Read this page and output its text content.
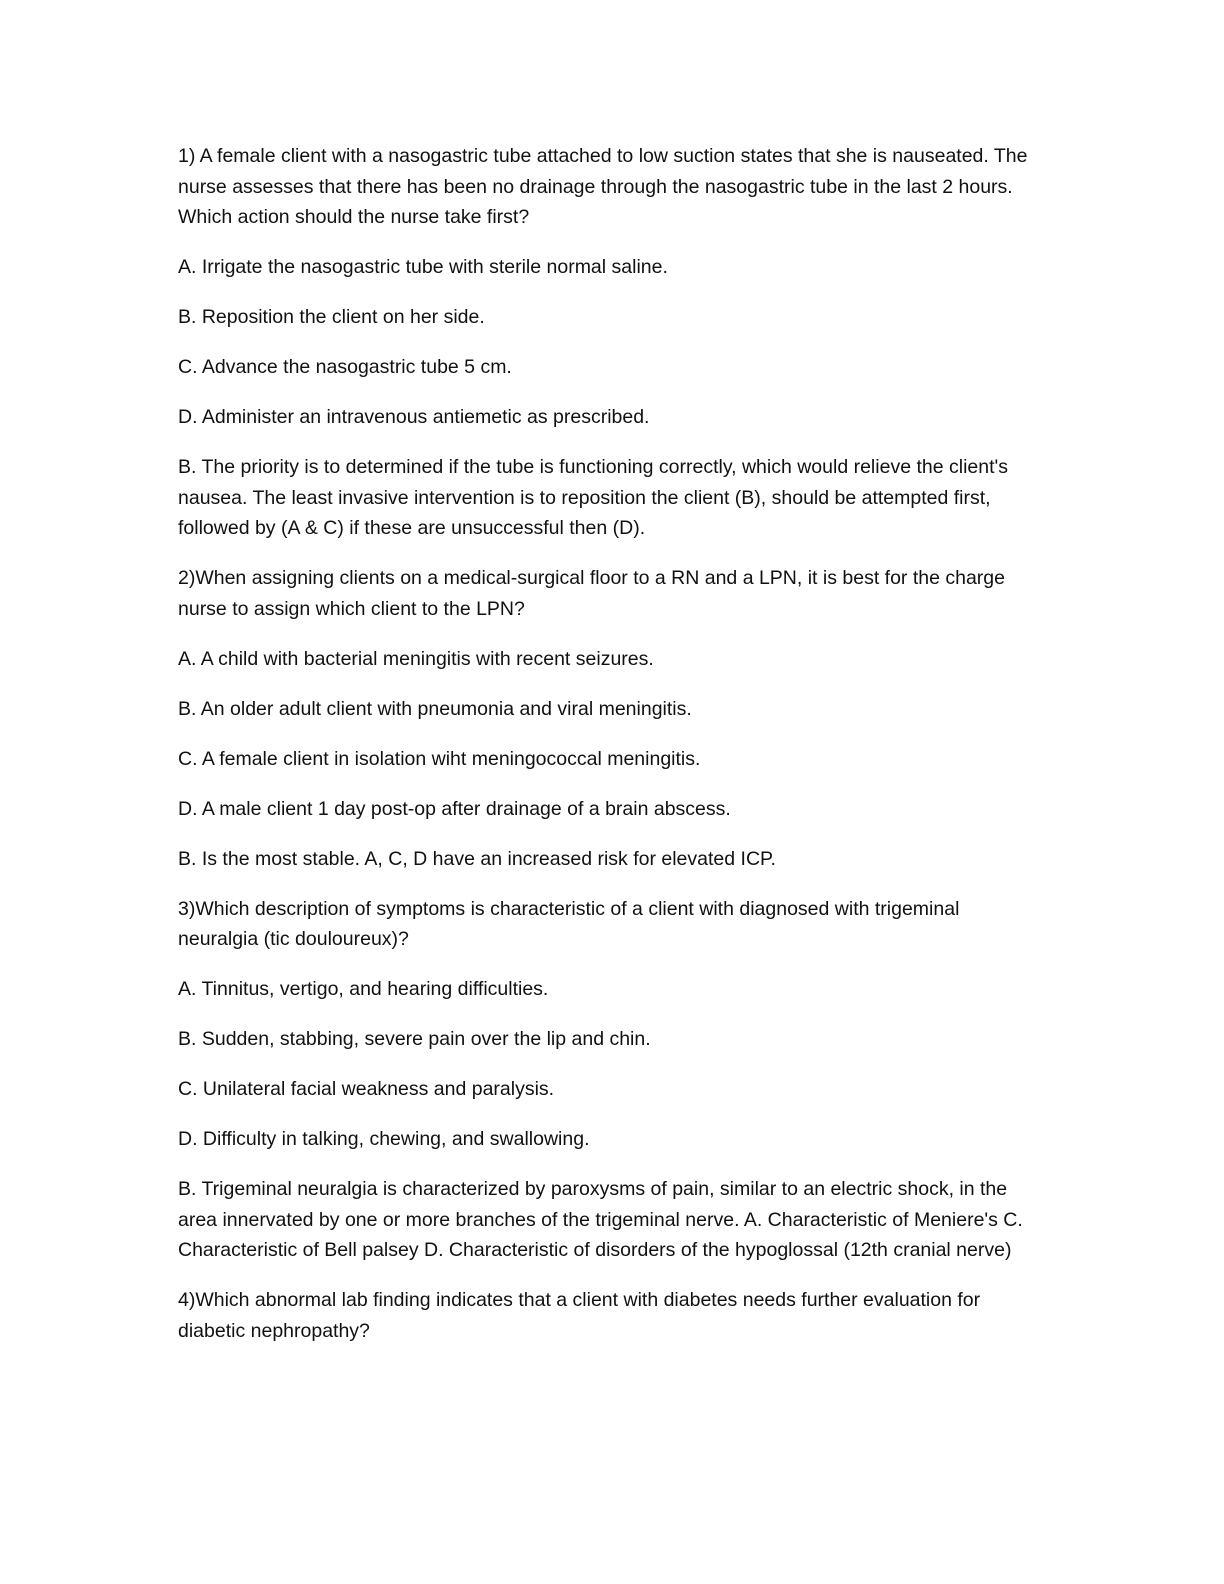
1) A female client with a nasogastric tube attached to low suction states that she is nauseated. The nurse assesses that there has been no drainage through the nasogastric tube in the last 2 hours. Which action should the nurse take first?

A. Irrigate the nasogastric tube with sterile normal saline.

B. Reposition the client on her side.

C. Advance the nasogastric tube 5 cm.

D. Administer an intravenous antiemetic as prescribed.

B. The priority is to determined if the tube is functioning correctly, which would relieve the client's nausea. The least invasive intervention is to reposition the client (B), should be attempted first, followed by (A & C) if these are unsuccessful then (D).

2)When assigning clients on a medical-surgical floor to a RN and a LPN, it is best for the charge nurse to assign which client to the LPN?

A. A child with bacterial meningitis with recent seizures.

B. An older adult client with pneumonia and viral meningitis.

C. A female client in isolation wiht meningococcal meningitis.

D. A male client 1 day post-op after drainage of a brain abscess.

B. Is the most stable. A, C, D have an increased risk for elevated ICP.

3)Which description of symptoms is characteristic of a client with diagnosed with trigeminal neuralgia (tic douloureux)?

A. Tinnitus, vertigo, and hearing difficulties.

B. Sudden, stabbing, severe pain over the lip and chin.

C. Unilateral facial weakness and paralysis.

D. Difficulty in talking, chewing, and swallowing.

B. Trigeminal neuralgia is characterized by paroxysms of pain, similar to an electric shock, in the area innervated by one or more branches of the trigeminal nerve. A. Characteristic of Meniere's C. Characteristic of Bell palsey D. Characteristic of disorders of the hypoglossal (12th cranial nerve)

4)Which abnormal lab finding indicates that a client with diabetes needs further evaluation for diabetic nephropathy?
